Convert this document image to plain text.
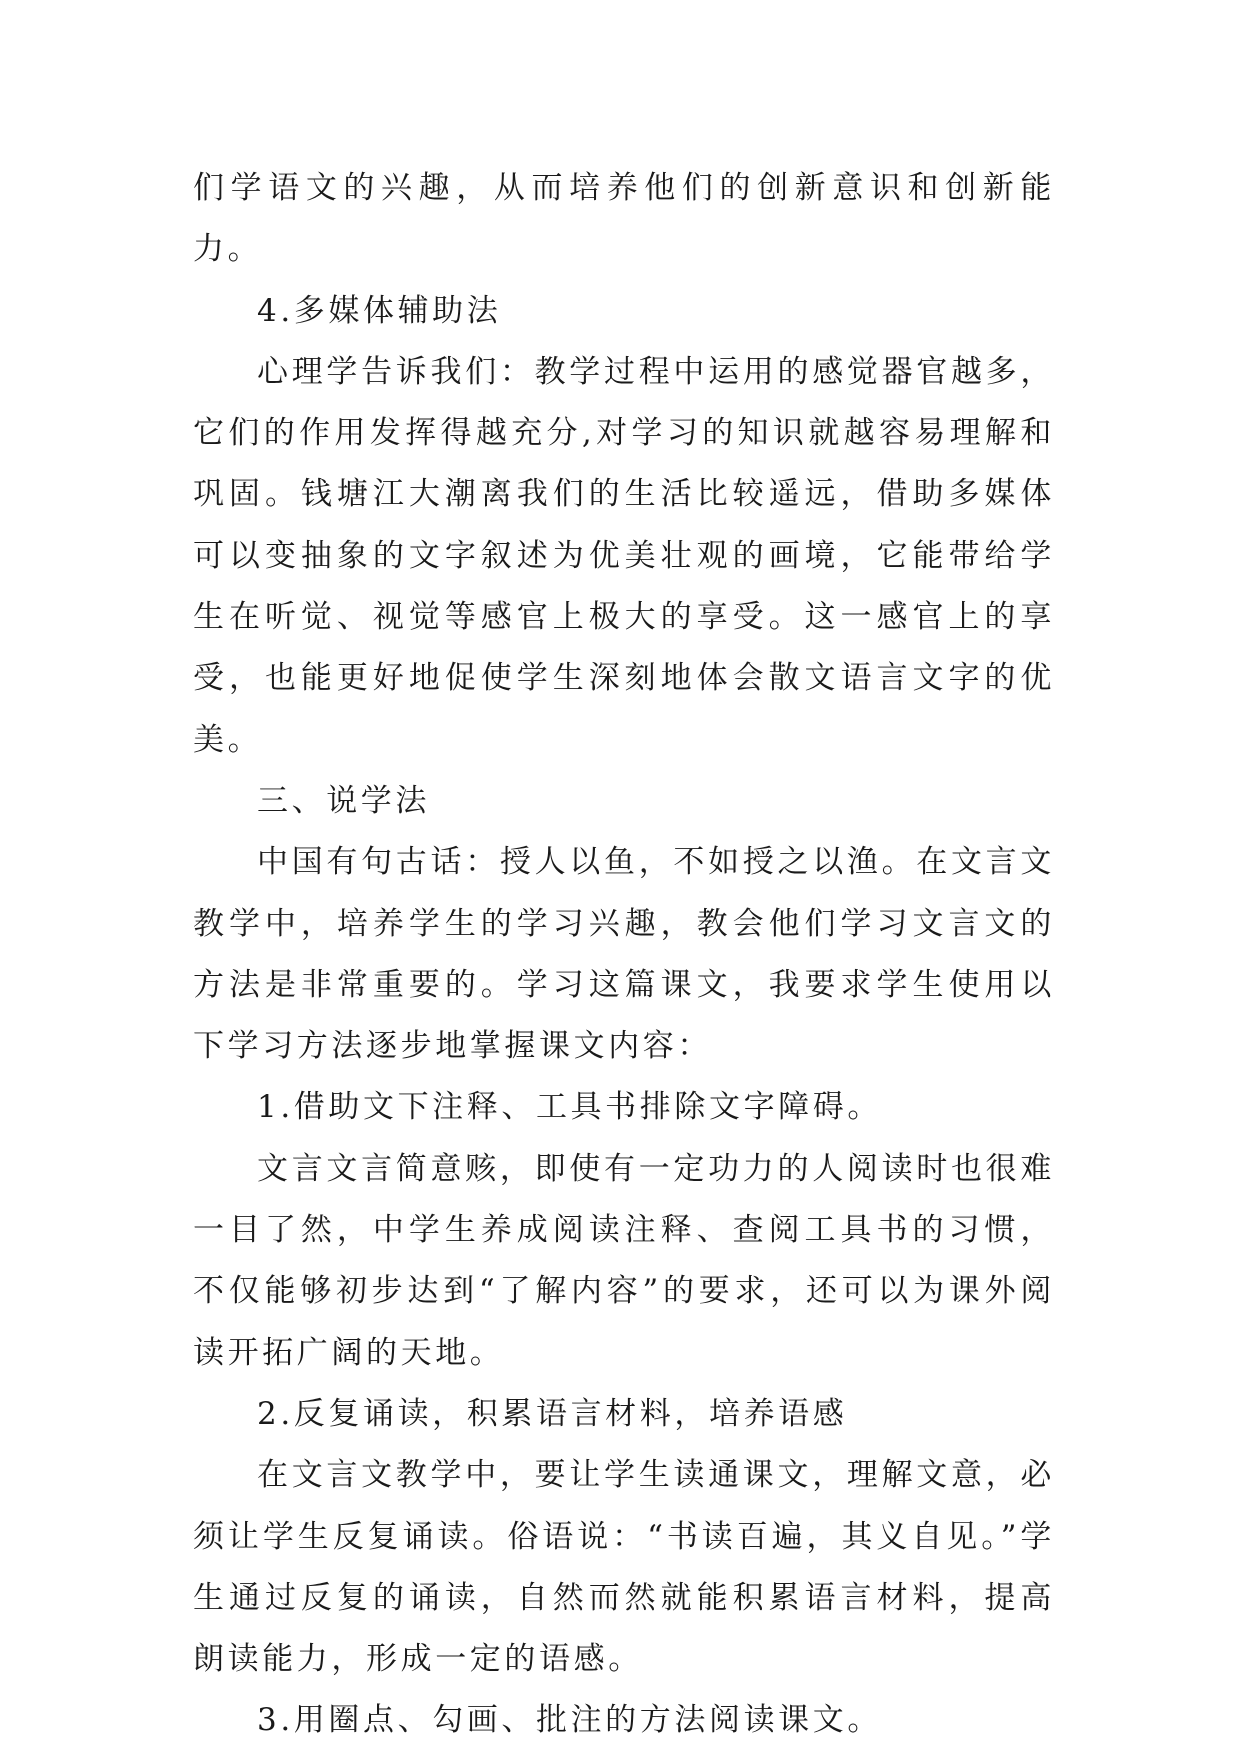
们学语文的兴趣，从而培养他们的创新意识和创新能力。

4.多媒体辅助法

心理学告诉我们：教学过程中运用的感觉器官越多，它们的作用发挥得越充分,对学习的知识就越容易理解和巩固。钱塘江大潮离我们的生活比较遥远，借助多媒体可以变抽象的文字叙述为优美壮观的画境，它能带给学生在听觉、视觉等感官上极大的享受。这一感官上的享受，也能更好地促使学生深刻地体会散文语言文字的优美。

三、说学法

中国有句古话：授人以鱼，不如授之以渔。在文言文教学中，培养学生的学习兴趣，教会他们学习文言文的方法是非常重要的。学习这篇课文，我要求学生使用以下学习方法逐步地掌握课文内容：

1.借助文下注释、工具书排除文字障碍。

文言文言简意赅，即使有一定功力的人阅读时也很难一目了然，中学生养成阅读注释、查阅工具书的习惯，不仅能够初步达到“了解内容”的要求，还可以为课外阅读开拓广阔的天地。

2.反复诵读，积累语言材料，培养语感

在文言文教学中，要让学生读通课文，理解文意，必须让学生反复诵读。俗语说：“书读百遍，其义自见。”学生通过反复的诵读，自然而然就能积累语言材料，提高朗读能力，形成一定的语感。

3.用圈点、勾画、批注的方法阅读课文。
